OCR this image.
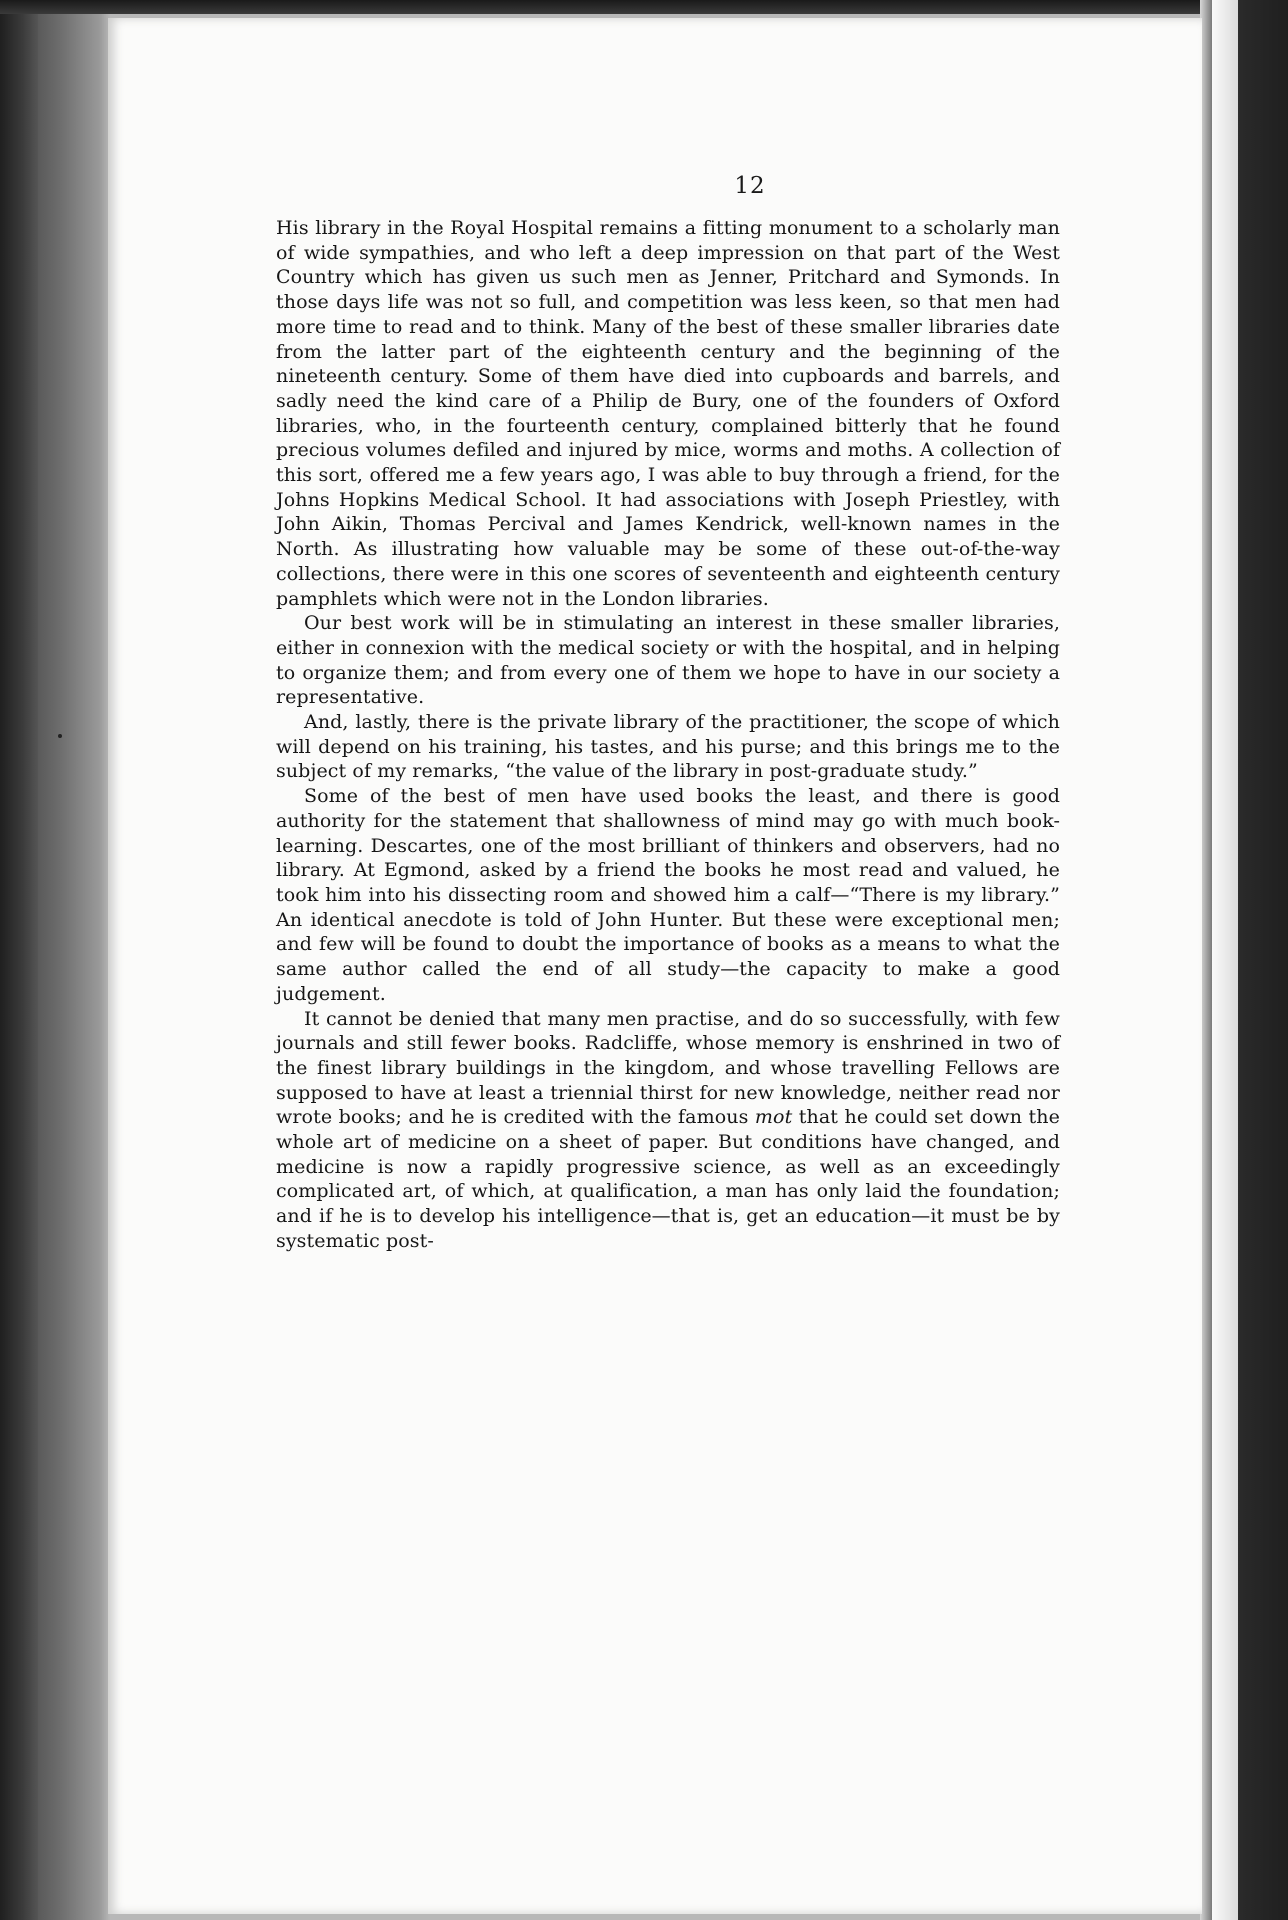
12

His library in the Royal Hospital remains a fitting monument to a scholarly man of wide sympathies, and who left a deep impression on that part of the West Country which has given us such men as Jenner, Pritchard and Symonds. In those days life was not so full, and competition was less keen, so that men had more time to read and to think. Many of the best of these smaller libraries date from the latter part of the eighteenth century and the beginning of the nineteenth century. Some of them have died into cupboards and barrels, and sadly need the kind care of a Philip de Bury, one of the founders of Oxford libraries, who, in the fourteenth century, complained bitterly that he found precious volumes defiled and injured by mice, worms and moths. A collection of this sort, offered me a few years ago, I was able to buy through a friend, for the Johns Hopkins Medical School. It had associations with Joseph Priestley, with John Aikin, Thomas Percival and James Kendrick, well-known names in the North. As illustrating how valuable may be some of these out-of-the-way collections, there were in this one scores of seventeenth and eighteenth century pamphlets which were not in the London libraries.

Our best work will be in stimulating an interest in these smaller libraries, either in connexion with the medical society or with the hospital, and in helping to organize them; and from every one of them we hope to have in our society a representative.

And, lastly, there is the private library of the practitioner, the scope of which will depend on his training, his tastes, and his purse; and this brings me to the subject of my remarks, “the value of the library in post-graduate study.”

Some of the best of men have used books the least, and there is good authority for the statement that shallowness of mind may go with much book-learning. Descartes, one of the most brilliant of thinkers and observers, had no library. At Egmond, asked by a friend the books he most read and valued, he took him into his dissecting room and showed him a calf—“There is my library.” An identical anecdote is told of John Hunter. But these were exceptional men; and few will be found to doubt the importance of books as a means to what the same author called the end of all study—the capacity to make a good judgement.

It cannot be denied that many men practise, and do so successfully, with few journals and still fewer books. Radcliffe, whose memory is enshrined in two of the finest library buildings in the kingdom, and whose travelling Fellows are supposed to have at least a triennial thirst for new knowledge, neither read nor wrote books; and he is credited with the famous mot that he could set down the whole art of medicine on a sheet of paper. But conditions have changed, and medicine is now a rapidly progressive science, as well as an exceedingly complicated art, of which, at qualification, a man has only laid the foundation; and if he is to develop his intelligence—that is, get an education—it must be by systematic post-
